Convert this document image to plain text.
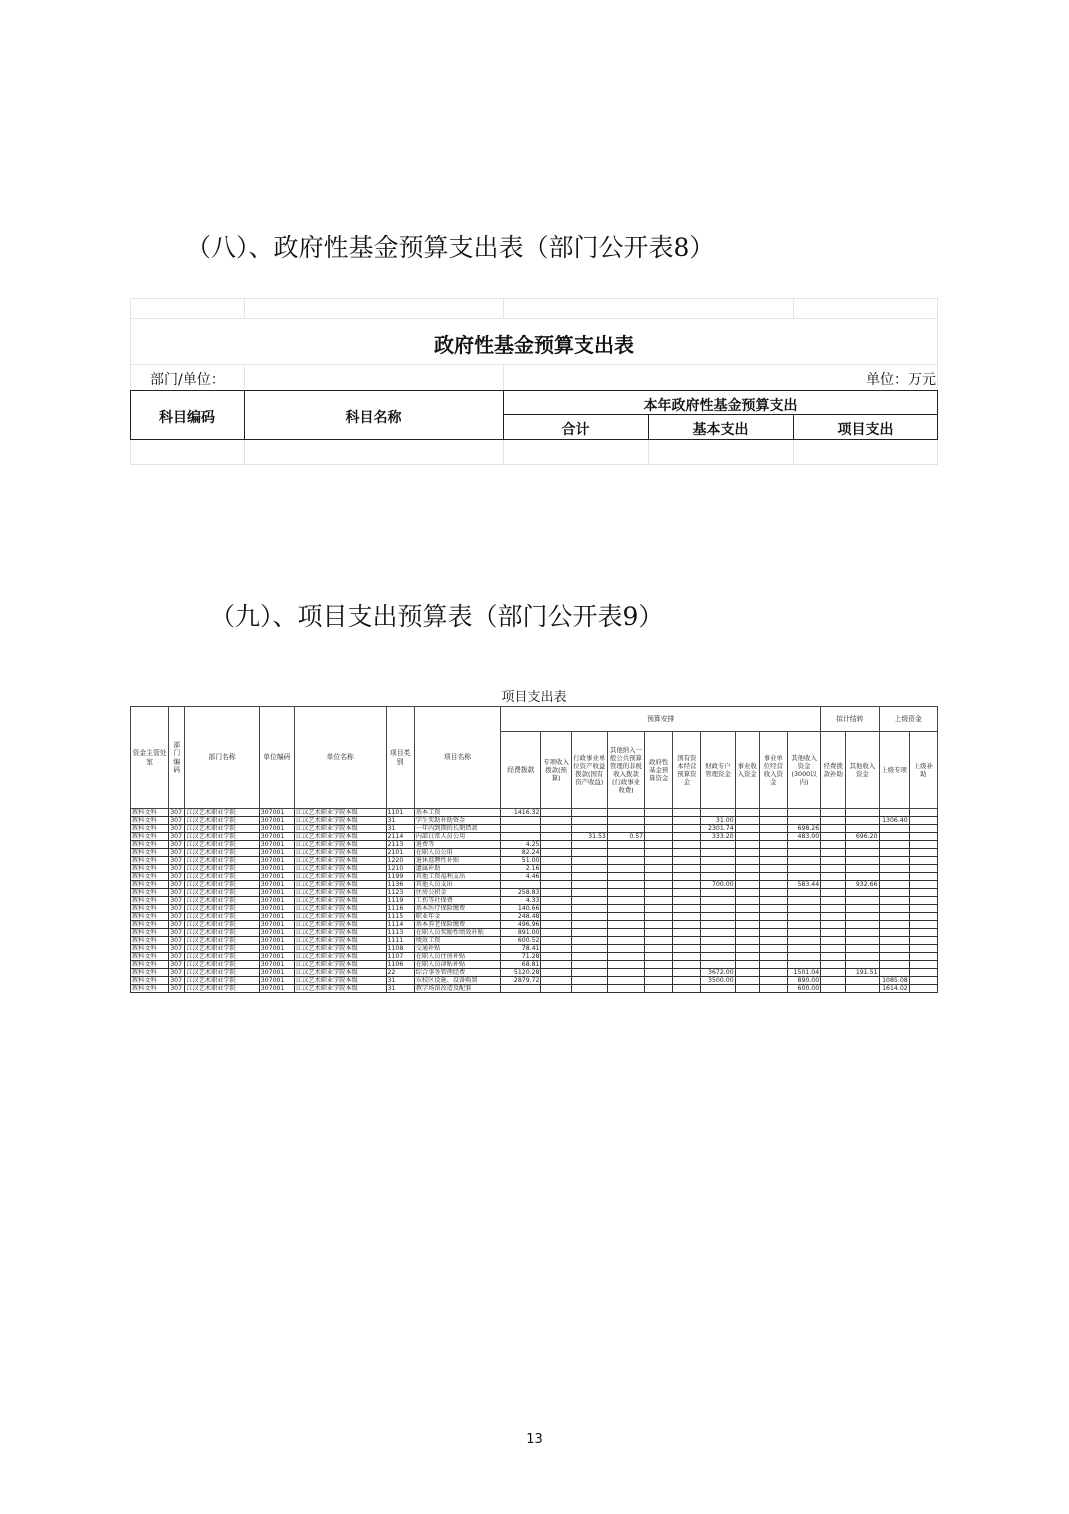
（八）、政府性基金预算支出表（部门公开表8）
政府性基金预算支出表
部门/单位：	单位：万元
科目编码	科目名称
本年政府性基金预算支出
合计	基本支出	项目支出
（九）、项目支出预算表（部门公开表9）
项目支出表
资金主管处室	部门编码	部门名称	单位编码	单位名称	项目类别	项目名称	预算安排										拟计结转		上级资金	
							经费拨款	专项收入拨款(预算)	行政事业单位资产收益拨款(国有资产收益)	其他纳入一般公共预算管理的非税收入拨款(行政事业收费)	政府性基金预算资金	国有资本经营预算资金	财政专户管理资金	事业收入资金	事业单位经营收入资金	其他收入资金(3000以内)	经费拨款补助	其他收入资金	上级专项	上级补助
教科文科	307	江汉艺术职业学院	307001	江汉艺术职业学院本级	1101	基本工资	1416.32													
教科文科	307	江汉艺术职业学院	307001	江汉艺术职业学院本级	31	学生奖助补助资金							31.00						1306.40	
教科文科	307	江汉艺术职业学院	307001	江汉艺术职业学院本级	31	一年内到期的长期借款							2301.74			698.26				
教科文科	307	江汉艺术职业学院	307001	江汉艺术职业学院本级	2114	内部日常人员公用			31.53	0.57			333.20			483.00		696.20		
教科文科	307	江汉艺术职业学院	307001	江汉艺术职业学院本级	2113	退费等	4.25													
教科文科	307	江汉艺术职业学院	307001	江汉艺术职业学院本级	2101	在职人员公用	82.24													
教科文科	307	江汉艺术职业学院	307001	江汉艺术职业学院本级	1220	退休返聘性补贴	51.00													
教科文科	307	江汉艺术职业学院	307001	江汉艺术职业学院本级	1210	遗属补助	2.16													
教科文科	307	江汉艺术职业学院	307001	江汉艺术职业学院本级	1199	其他工资福利支出	4.46													
教科文科	307	江汉艺术职业学院	307001	江汉艺术职业学院本级	1136	其他人员支出							700.00			583.44		932.66		
教科文科	307	江汉艺术职业学院	307001	江汉艺术职业学院本级	1123	住房公积金	258.83													
教科文科	307	江汉艺术职业学院	307001	江汉艺术职业学院本级	1119	工伤等社保费	4.33													
教科文科	307	江汉艺术职业学院	307001	江汉艺术职业学院本级	1116	基本医疗保险缴费	140.66													
教科文科	307	江汉艺术职业学院	307001	江汉艺术职业学院本级	1115	职业年金	248.48													
教科文科	307	江汉艺术职业学院	307001	江汉艺术职业学院本级	1114	基本养老保险缴费	496.96													
教科文科	307	江汉艺术职业学院	307001	江汉艺术职业学院本级	1113	在职人员奖励性绩效补贴	891.00													
教科文科	307	江汉艺术职业学院	307001	江汉艺术职业学院本级	1111	绩效工资	600.52													
教科文科	307	江汉艺术职业学院	307001	江汉艺术职业学院本级	1108	交通补贴	78.41													
教科文科	307	江汉艺术职业学院	307001	江汉艺术职业学院本级	1107	在职人员住房补贴	71.28													
教科文科	307	江汉艺术职业学院	307001	江汉艺术职业学院本级	1106	在职人员津贴补贴	68.81													
教科文科	307	江汉艺术职业学院	307001	江汉艺术职业学院本级	22	综合事务管理经费	5120.28						3672.00			1501.04		191.51		
教科文科	307	江汉艺术职业学院	307001	江汉艺术职业学院本级	31	东校区设施、设备购置	2879.72						3500.00			890.00			1085.08	
教科文科	307	江汉艺术职业学院	307001	江汉艺术职业学院本级	31	教学场馆改造及配套										600.00			1614.02	
13
